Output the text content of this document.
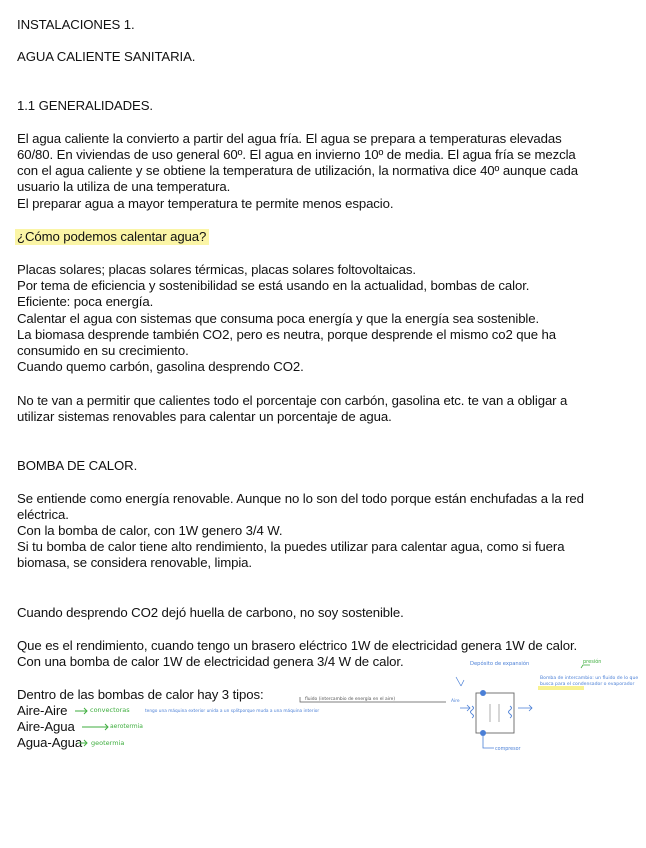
INSTALACIONES 1.

AGUA CALIENTE SANITARIA.

1.1 GENERALIDADES.

El agua caliente la convierto a partir del agua fría. El agua se prepara a temperaturas elevadas

60/80. En viviendas de uso general 60º. El agua en invierno 10º de media. El agua fría se mezcla

con el agua caliente y se obtiene la temperatura de utilización, la normativa dice 40º aunque cada

usuario la utiliza de una temperatura.

El preparar agua a mayor temperatura te permite menos espacio.

¿Cómo podemos calentar agua?

Placas solares; placas solares térmicas, placas solares foltovoltaicas.

Por tema de eficiencia y sostenibilidad se está usando en la actualidad, bombas de calor.

Eficiente: poca energía.

Calentar el agua con sistemas que consuma poca energía y que la energía sea sostenible.

La biomasa desprende también CO2, pero es neutra, porque desprende el mismo co2 que ha

consumido en su crecimiento.

Cuando quemo carbón, gasolina desprendo CO2.

No te van a permitir que calientes todo el porcentaje con carbón, gasolina etc. te van a obligar a

utilizar sistemas renovables para calentar un porcentaje de agua.

BOMBA DE CALOR.

Se entiende como energía renovable. Aunque no lo son del todo porque están enchufadas a la red

eléctrica.

Con la bomba de calor, con 1W genero 3/4 W.

Si tu bomba de calor tiene alto rendimiento, la puedes utilizar para calentar agua, como si fuera

biomasa, se considera renovable, limpia.

Cuando desprendo CO2 dejó huella de carbono, no soy sostenible.

Que es el rendimiento, cuando tengo un brasero eléctrico 1W de electricidad genera 1W de calor.

Con una bomba de calor 1W de electricidad genera 3/4 W de calor.

Dentro de las bombas de calor hay 3 tipos:

Aire-Aire

Aire-Agua

Agua-Agua

convectoras
aerotermia
geotermia
tengo una máquina exterior unida a un splitporque muda a una máquina interior
fluido (intercambio de energía en el aire)
Depósito de expansión	presión
Bomba de intercambio: un fluido de lo que busca para el condensador o evaporador
Aire
compresor
